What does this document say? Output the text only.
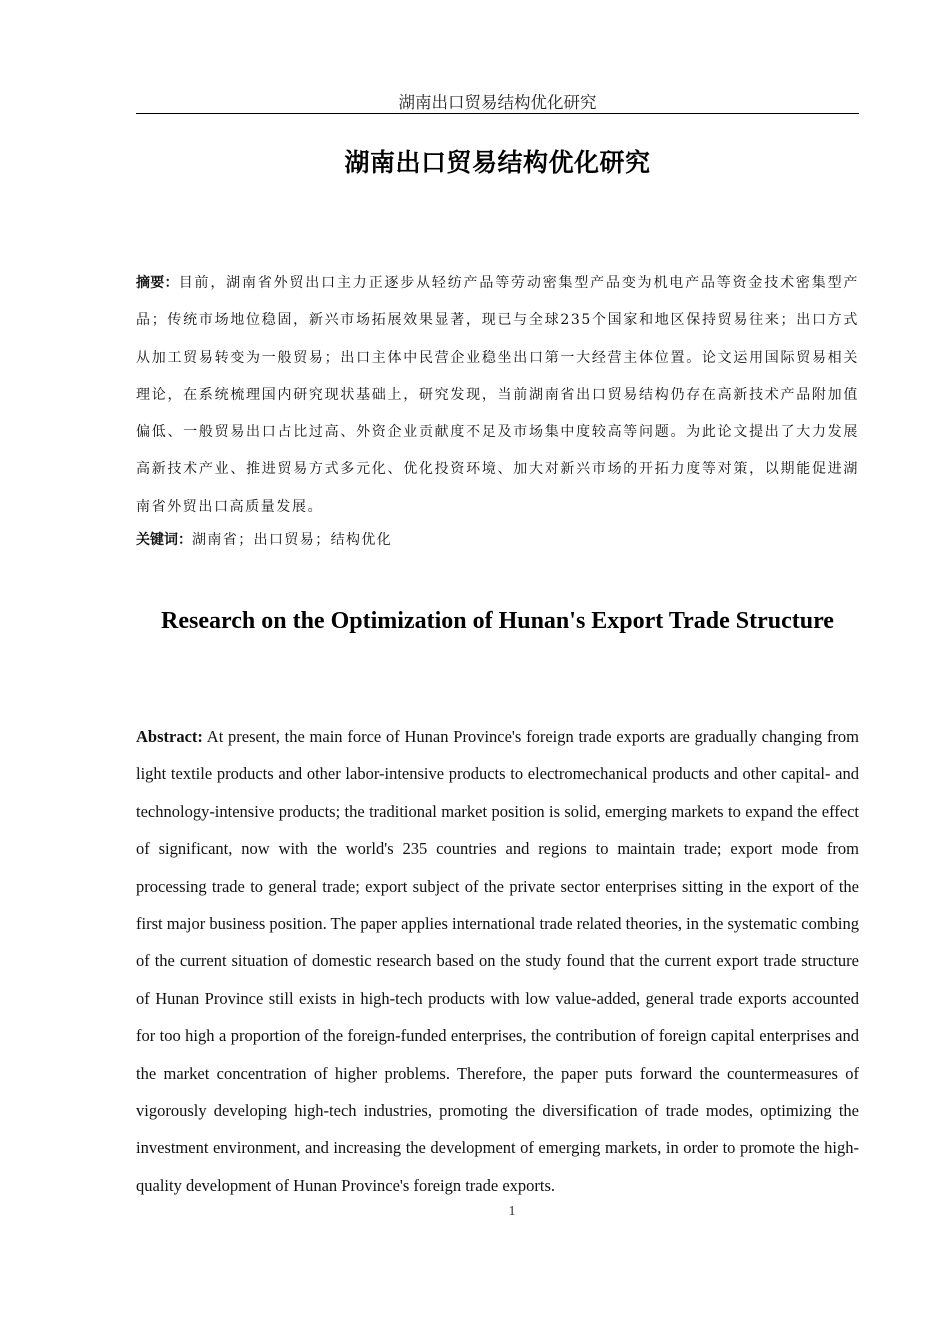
湖南出口贸易结构优化研究
湖南出口贸易结构优化研究
摘要：目前，湖南省外贸出口主力正逐步从轻纺产品等劳动密集型产品变为机电产品等资金技术密集型产品；传统市场地位稳固，新兴市场拓展效果显著，现已与全球235个国家和地区保持贸易往来；出口方式从加工贸易转变为一般贸易；出口主体中民营企业稳坐出口第一大经营主体位置。论文运用国际贸易相关理论，在系统梳理国内研究现状基础上，研究发现，当前湖南省出口贸易结构仍存在高新技术产品附加值偏低、一般贸易出口占比过高、外资企业贡献度不足及市场集中度较高等问题。为此论文提出了大力发展高新技术产业、推进贸易方式多元化、优化投资环境、加大对新兴市场的开拓力度等对策，以期能促进湖南省外贸出口高质量发展。
关键词：湖南省；出口贸易；结构优化
Research on the Optimization of Hunan's Export Trade Structure
Abstract: At present, the main force of Hunan Province's foreign trade exports are gradually changing from light textile products and other labor-intensive products to electromechanical products and other capital- and technology-intensive products; the traditional market position is solid, emerging markets to expand the effect of significant, now with the world's 235 countries and regions to maintain trade; export mode from processing trade to general trade; export subject of the private sector enterprises sitting in the export of the first major business position. The paper applies international trade related theories, in the systematic combing of the current situation of domestic research based on the study found that the current export trade structure of Hunan Province still exists in high-tech products with low value-added, general trade exports accounted for too high a proportion of the foreign-funded enterprises, the contribution of foreign capital enterprises and the market concentration of higher problems. Therefore, the paper puts forward the countermeasures of vigorously developing high-tech industries, promoting the diversification of trade modes, optimizing the investment environment, and increasing the development of emerging markets, in order to promote the high-quality development of Hunan Province's foreign trade exports.
1
